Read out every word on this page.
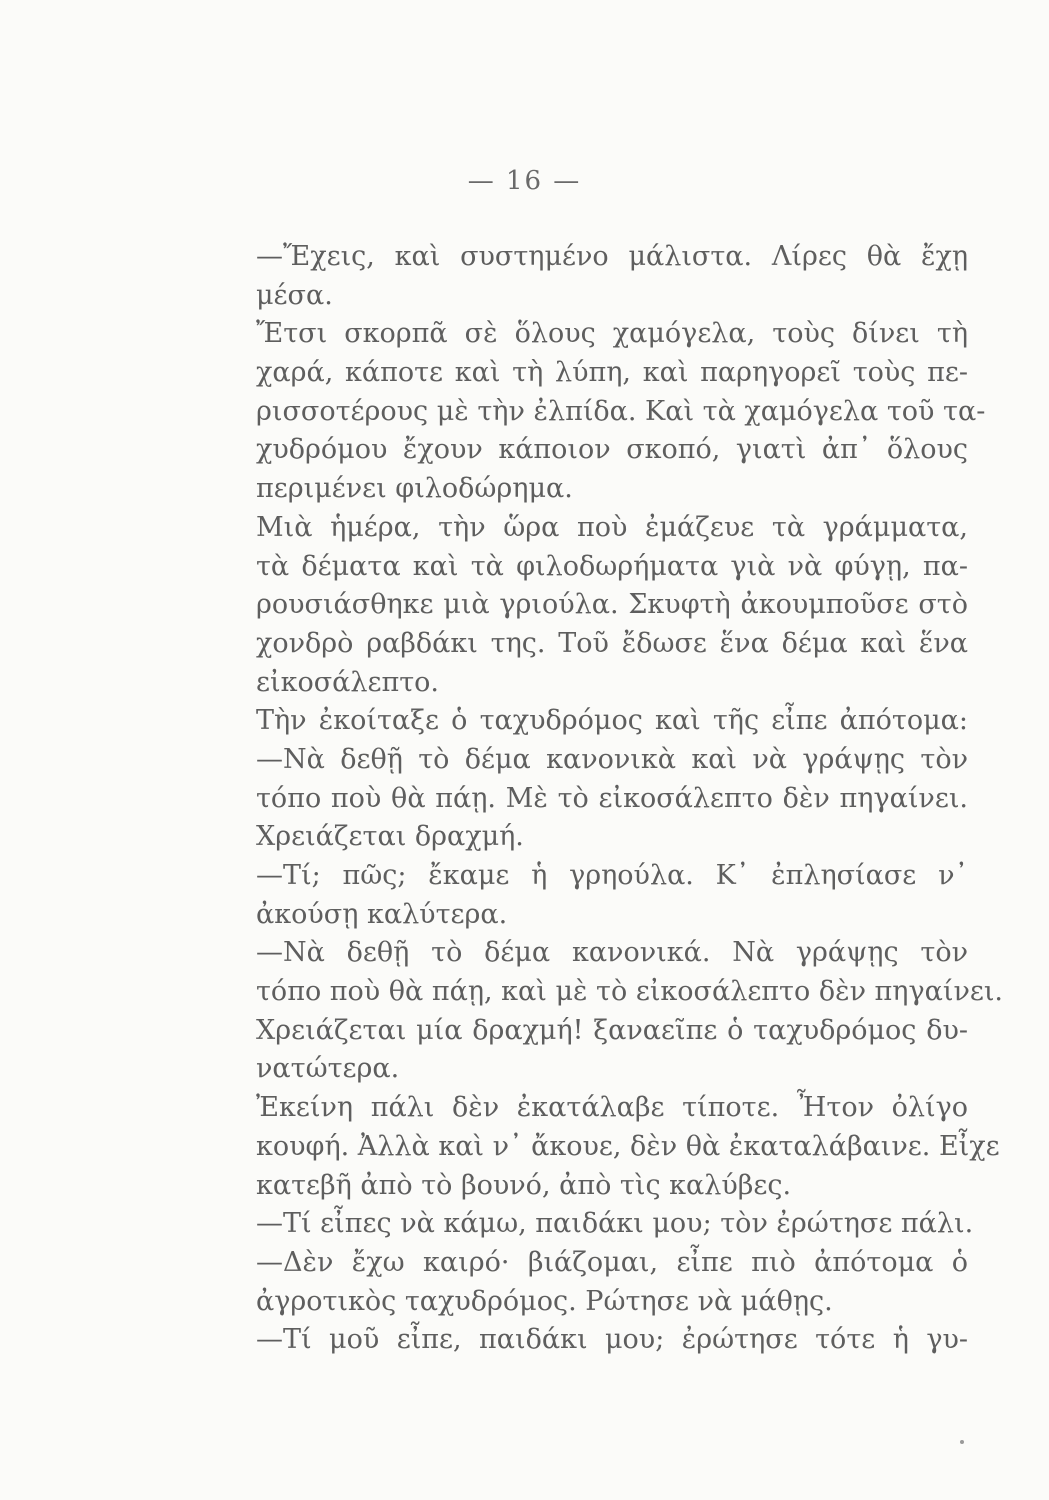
— 16 —
—Ἔχεις, καὶ συστημένο μάλιστα. Λίρες θὰ ἔχῃ
μέσα.
Ἔτσι σκορπᾶ σὲ ὅλους χαμόγελα, τοὺς δίνει τὴ
χαρά, κάποτε καὶ τὴ λύπη, καὶ παρηγορεῖ τοὺς πε-
ρισσοτέρους μὲ τὴν ἐλπίδα. Καὶ τὰ χαμόγελα τοῦ τα-
χυδρόμου ἔχουν κάποιον σκοπό, γιατὶ ἀπ᾽ ὅλους
περιμένει φιλοδώρημα.
Μιὰ ἡμέρα, τὴν ὥρα ποὺ ἐμάζευε τὰ γράμματα,
τὰ δέματα καὶ τὰ φιλοδωρήματα γιὰ νὰ φύγῃ, πα-
ρουσιάσθηκε μιὰ γριούλα. Σκυφτὴ ἀκουμποῦσε στὸ
χονδρὸ ραβδάκι της. Τοῦ ἔδωσε ἕνα δέμα καὶ ἕνα
εἰκοσάλεπτο.
Τὴν ἐκοίταξε ὁ ταχυδρόμος καὶ τῆς εἶπε ἀπότομα:
—Νὰ δεθῇ τὸ δέμα κανονικὰ καὶ νὰ γράψῃς τὸν
τόπο ποὺ θὰ πάῃ. Μὲ τὸ εἰκοσάλεπτο δὲν πηγαίνει.
Χρειάζεται δραχμή.
—Τί; πῶς; ἔκαμε ἡ γρηούλα. Κ᾽ ἐπλησίασε ν᾽
ἀκούσῃ καλύτερα.
—Νὰ δεθῇ τὸ δέμα κανονικά. Νὰ γράψῃς τὸν
τόπο ποὺ θὰ πάῃ, καὶ μὲ τὸ εἰκοσάλεπτο δὲν πηγαίνει.
Χρειάζεται μία δραχμή! ξαναεῖπε ὁ ταχυδρόμος δυ-
νατώτερα.
Ἐκείνη πάλι δὲν ἐκατάλαβε τίποτε. Ἦτον ὀλίγο
κουφή. Ἀλλὰ καὶ ν᾽ ἄκουε, δὲν θὰ ἐκαταλάβαινε. Εἶχε
κατεβῆ ἀπὸ τὸ βουνό, ἀπὸ τὶς καλύβες.
—Τί εἶπες νὰ κάμω, παιδάκι μου; τὸν ἐρώτησε πάλι.
—Δὲν ἔχω καιρό· βιάζομαι, εἶπε πιὸ ἀπότομα ὁ
ἀγροτικὸς ταχυδρόμος. Ρώτησε νὰ μάθῃς.
—Τί μοῦ εἶπε, παιδάκι μου; ἐρώτησε τότε ἡ γυ-
